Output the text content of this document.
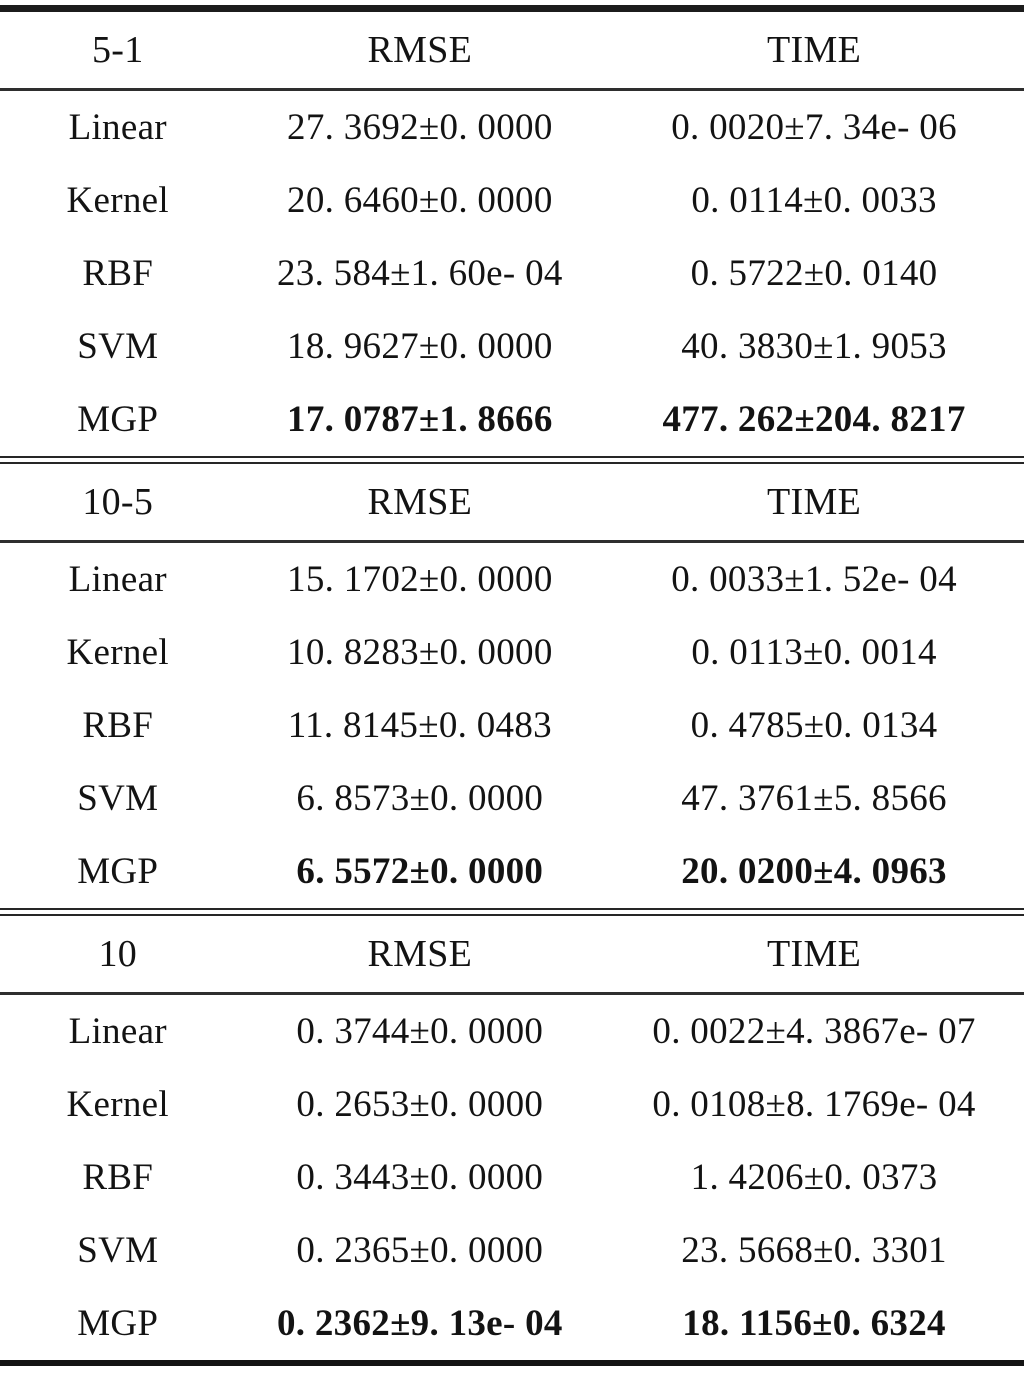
5-1	RMSE	TIME
Linear	27. 3692±0. 0000	0. 0020±7. 34e- 06
Kernel	20. 6460±0. 0000	0. 0114±0. 0033
RBF	23. 584±1. 60e- 04	0. 5722±0. 0140
SVM	18. 9627±0. 0000	40. 3830±1. 9053
MGP	17. 0787±1. 8666	477. 262±204. 8217
10-5	RMSE	TIME
Linear	15. 1702±0. 0000	0. 0033±1. 52e- 04
Kernel	10. 8283±0. 0000	0. 0113±0. 0014
RBF	11. 8145±0. 0483	0. 4785±0. 0134
SVM	6. 8573±0. 0000	47. 3761±5. 8566
MGP	6. 5572±0. 0000	20. 0200±4. 0963
10	RMSE	TIME
Linear	0. 3744±0. 0000	0. 0022±4. 3867e- 07
Kernel	0. 2653±0. 0000	0. 0108±8. 1769e- 04
RBF	0. 3443±0. 0000	1. 4206±0. 0373
SVM	0. 2365±0. 0000	23. 5668±0. 3301
MGP	0. 2362±9. 13e- 04	18. 1156±0. 6324
